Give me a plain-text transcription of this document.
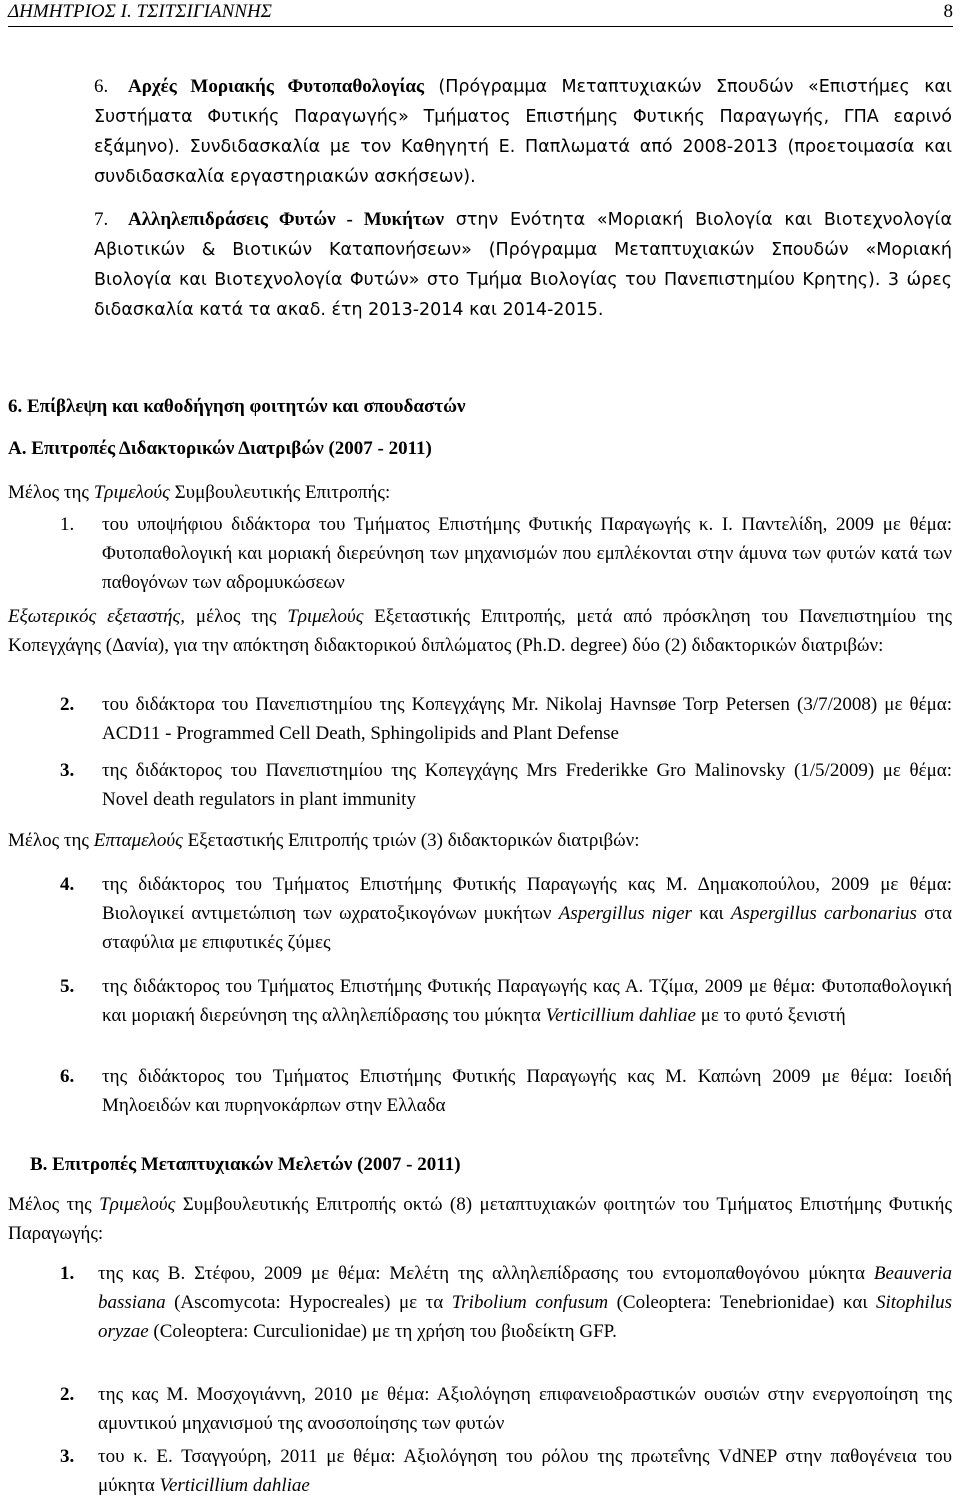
ΔΗΜΗΤΡΙΟΣ Ι. ΤΣΙΤΣΙΓΙΑΝΝΗΣ	8
6.	Αρχές Μοριακής Φυτοπαθολογίας (Πρόγραμμα Μεταπτυχιακών Σπουδών «Επιστήμες και Συστήματα Φυτικής Παραγωγής» Τμήματος Επιστήμης Φυτικής Παραγωγής, ΓΠΑ εαρινό εξάμηνο). Συνδιδασκαλία με τον Καθηγητή Ε. Παπλωματά από 2008-2013 (προετοιμασία και συνδιδασκαλία εργαστηριακών ασκήσεων).
7.	Αλληλεπιδράσεις Φυτών - Μυκήτων στην Ενότητα «Μοριακή Βιολογία και Βιοτεχνολογία Αβιοτικών & Βιοτικών Καταπονήσεων» (Πρόγραμμα Μεταπτυχιακών Σπουδών «Μοριακή Βιολογία και Βιοτεχνολογία Φυτών» στο Τμήμα Βιολογίας του Πανεπιστημίου Κρητης). 3 ώρες διδασκαλία κατά τα ακαδ. έτη 2013-2014 και 2014-2015.
6. Επίβλεψη και καθοδήγηση φοιτητών και σπουδαστών
Α. Επιτροπές Διδακτορικών Διατριβών (2007 - 2011)
Μέλος της Τριμελούς Συμβουλευτικής Επιτροπής:
1. του υποψήφιου διδάκτορα του Τμήματος Επιστήμης Φυτικής Παραγωγής κ. Ι. Παντελίδη, 2009 με θέμα: Φυτοπαθολογική και μοριακή διερεύνηση των μηχανισμών που εμπλέκονται στην άμυνα των φυτών κατά των παθογόνων των αδρομυκώσεων
Εξωτερικός εξεταστής, μέλος της Τριμελούς Εξεταστικής Επιτροπής, μετά από πρόσκληση του Πανεπιστημίου της Κοπεγχάγης (Δανία), για την απόκτηση διδακτορικού διπλώματος (Ph.D. degree) δύο (2) διδακτορικών διατριβών:
2. του διδάκτορα του Πανεπιστημίου της Κοπεγχάγης Mr. Nikolaj Havnsøe Torp Petersen (3/7/2008) με θέμα: ACD11 - Programmed Cell Death, Sphingolipids and Plant Defense
3. της διδάκτορος του Πανεπιστημίου της Κοπεγχάγης Mrs Frederikke Gro Malinovsky (1/5/2009) με θέμα: Novel death regulators in plant immunity
Μέλος της Επταμελούς Εξεταστικής Επιτροπής τριών (3) διδακτορικών διατριβών:
4. της διδάκτορος του Τμήματος Επιστήμης Φυτικής Παραγωγής κας Μ. Δημακοπούλου, 2009 με θέμα: Βιολογικεί αντιμετώπιση των ωχρατοξικογόνων μυκήτων Aspergillus niger και Aspergillus carbonarius στα σταφύλια με επιφυτικές ζύμες
5. της διδάκτορος του Τμήματος Επιστήμης Φυτικής Παραγωγής κας Α. Τζίμα, 2009 με θέμα: Φυτοπαθολογική και μοριακή διερεύνηση της αλληλεπίδρασης του μύκητα Verticillium dahliae με το φυτό ξενιστή
6. της διδάκτορος του Τμήματος Επιστήμης Φυτικής Παραγωγής κας Μ. Καπώνη 2009 με θέμα: Ιοειδή Μηλοειδών και πυρηνοκάρπων στην Ελλαδα
Β. Επιτροπές Μεταπτυχιακών Μελετών (2007 - 2011)
Μέλος της Τριμελούς Συμβουλευτικής Επιτροπής οκτώ (8) μεταπτυχιακών φοιτητών του Τμήματος Επιστήμης Φυτικής Παραγωγής:
1. της κας Β. Στέφου, 2009 με θέμα: Μελέτη της αλληλεπίδρασης του εντομοπαθογόνου μύκητα Beauveria bassiana (Ascomycota: Hypocreales) με τα Tribolium confusum (Coleoptera: Tenebrionidae) και Sitophilus oryzae (Coleoptera: Curculionidae) με τη χρήση του βιοδείκτη GFP.
2. της κας Μ. Μοσχογιάννη, 2010 με θέμα: Αξιολόγηση επιφανειοδραστικών ουσιών στην ενεργοποίηση της αμυντικού μηχανισμού της ανοσοποίησης των φυτών
3. του κ. Ε. Τσαγγούρη, 2011 με θέμα: Αξιολόγηση του ρόλου της πρωτεΐνης VdNEP στην παθογένεια του μύκητα Verticillium dahliae
